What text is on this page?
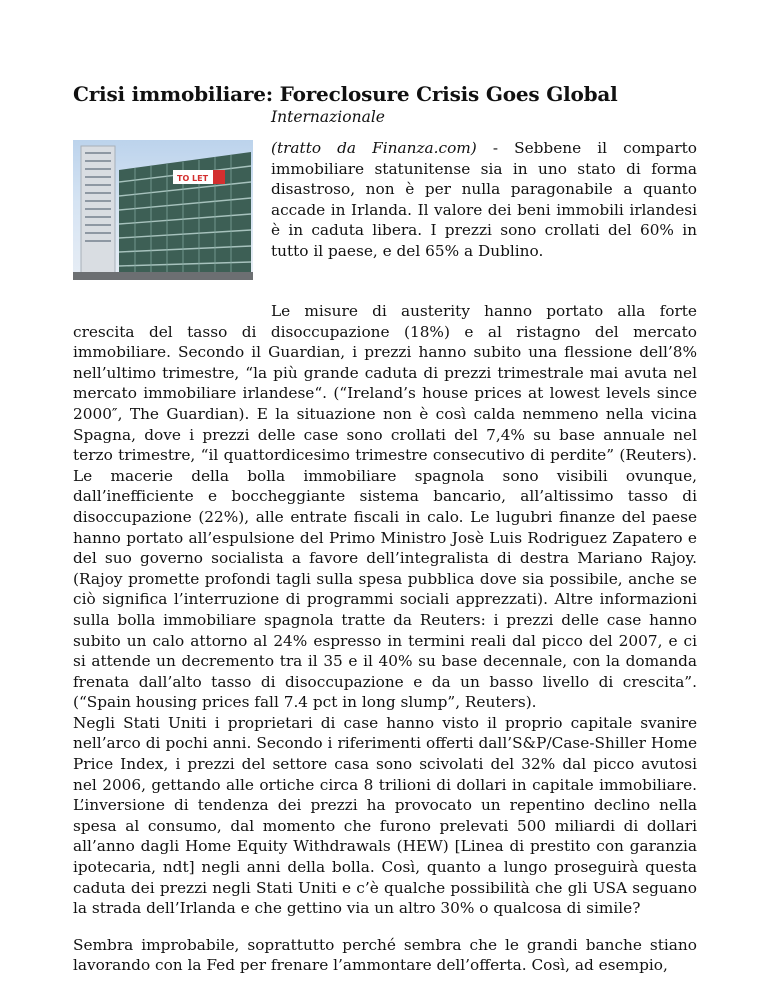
Crisi immobiliare: Foreclosure Crisis Goes Global
Internazionale
TO LET

(tratto da Finanza.com) - Sebbene il comparto immobiliare statunitense sia in uno stato di forma disastroso, non è per nulla paragonabile a quanto accade in Irlanda. Il valore dei beni immobili irlandesi è in caduta libera. I prezzi sono crollati del 60% in tutto il paese, e del 65% a Dublino.

Le misure di austerity hanno portato alla forte crescita del tasso di disoccupazione (18%) e al ristagno del mercato immobiliare. Secondo il Guardian, i prezzi hanno subito una flessione dell’8% nell’ultimo trimestre, “la più grande caduta di prezzi trimestrale mai avuta nel mercato immobiliare irlandese“. (“Ireland’s house prices at lowest levels since 2000″, The Guardian). E la situazione non è così calda nemmeno nella vicina Spagna, dove i prezzi delle case sono crollati del 7,4% su base annuale nel terzo trimestre, “il quattordicesimo trimestre consecutivo di perdite” (Reuters). Le macerie della bolla immobiliare spagnola sono visibili ovunque, dall’inefficiente e boccheggiante sistema bancario, all’altissimo tasso di disoccupazione (22%), alle entrate fiscali in calo. Le lugubri finanze del paese hanno portato all’espulsione del Primo Ministro Josè Luis Rodriguez Zapatero e del suo governo socialista a favore dell’integralista di destra Mariano Rajoy. (Rajoy promette profondi tagli sulla spesa pubblica dove sia possibile, anche se ciò significa l’interruzione di programmi sociali apprezzati). Altre informazioni sulla bolla immobiliare spagnola tratte da Reuters: i prezzi delle case hanno subito un calo attorno al 24% espresso in termini reali dal picco del 2007, e ci si attende un decremento tra il 35 e il 40% su base decennale, con la domanda frenata dall’alto tasso di disoccupazione e da un basso livello di crescita”. (“Spain housing prices fall 7.4 pct in long slump”, Reuters).

Negli Stati Uniti i proprietari di case hanno visto il proprio capitale svanire nell’arco di pochi anni. Secondo i riferimenti offerti dall’S&P/Case-Shiller Home Price Index, i prezzi del settore casa sono scivolati del 32% dal picco avutosi nel 2006, gettando alle ortiche circa 8 trilioni di dollari in capitale immobiliare. L’inversione di tendenza dei prezzi ha provocato un repentino declino nella spesa al consumo, dal momento che furono prelevati 500 miliardi di dollari all’anno dagli Home Equity Withdrawals (HEW) [Linea di prestito con garanzia ipotecaria, ndt] negli anni della bolla. Così, quanto a lungo proseguirà questa caduta dei prezzi negli Stati Uniti e c’è qualche possibilità che gli USA seguano la strada dell’Irlanda e che gettino via un altro 30% o qualcosa di simile?

Sembra improbabile, soprattutto perché sembra che le grandi banche stiano lavorando con la Fed per frenare l’ammontare dell’offerta. Così, ad esempio,
